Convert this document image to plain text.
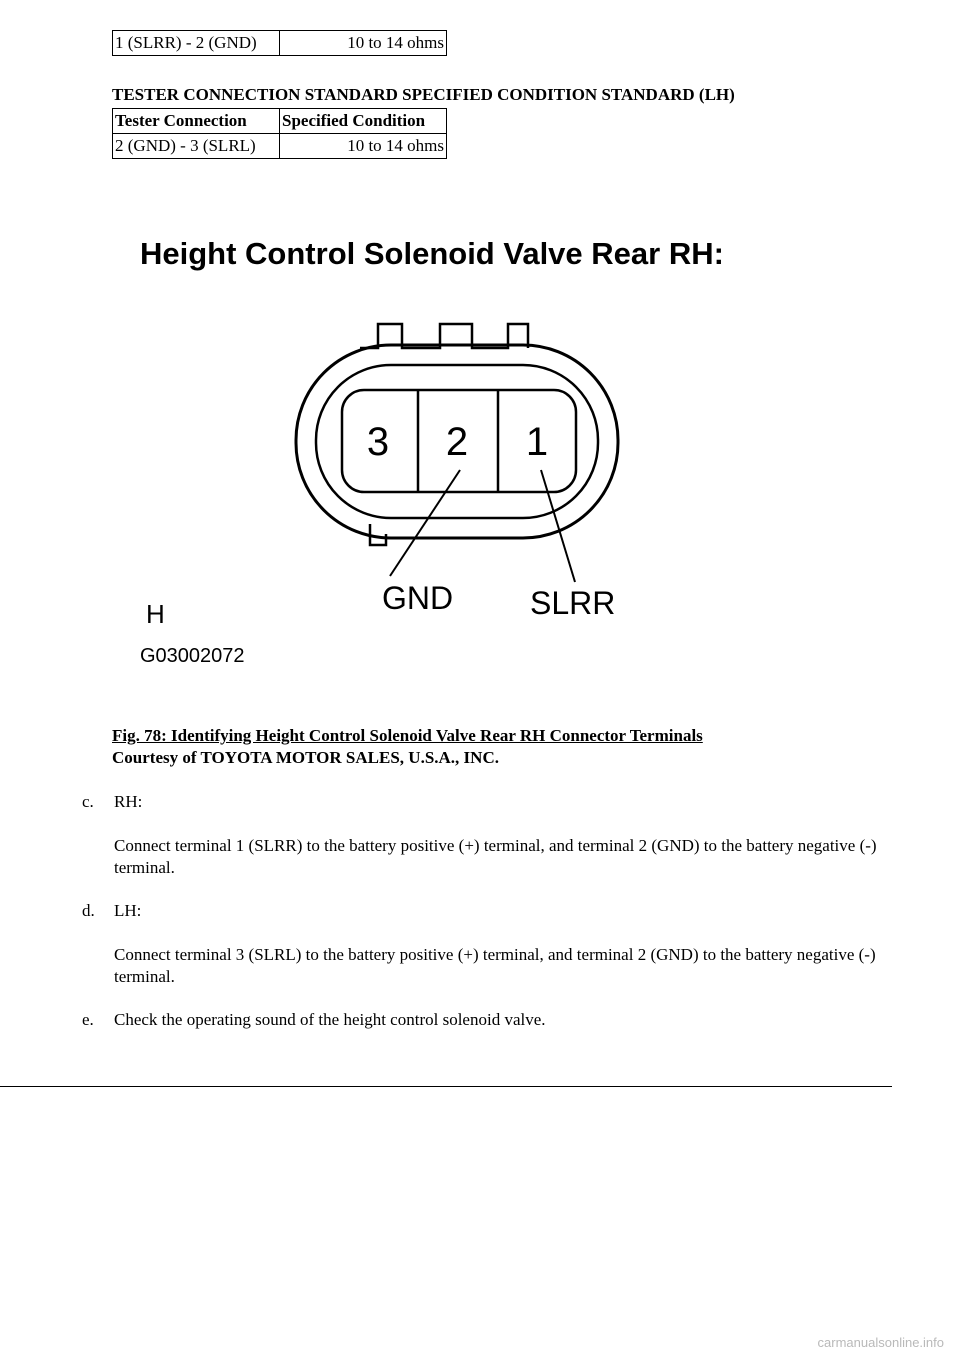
1 (SLRR) - 2 (GND)	10 to 14 ohms
TESTER CONNECTION STANDARD SPECIFIED CONDITION STANDARD (LH)
Tester Connection	Specified Condition
2 (GND) - 3 (SLRL)	10 to 14 ohms
Height Control Solenoid Valve Rear RH:
3 2 1
GND SLRR
H
G03002072
Fig. 78: Identifying Height Control Solenoid Valve Rear RH Connector Terminals
Courtesy of TOYOTA MOTOR SALES, U.S.A., INC.
c. RH:
Connect terminal 1 (SLRR) to the battery positive (+) terminal, and terminal 2 (GND) to the battery negative (-) terminal.
d. LH:
Connect terminal 3 (SLRL) to the battery positive (+) terminal, and terminal 2 (GND) to the battery negative (-) terminal.
e. Check the operating sound of the height control solenoid valve.
carmanualsonline.info
